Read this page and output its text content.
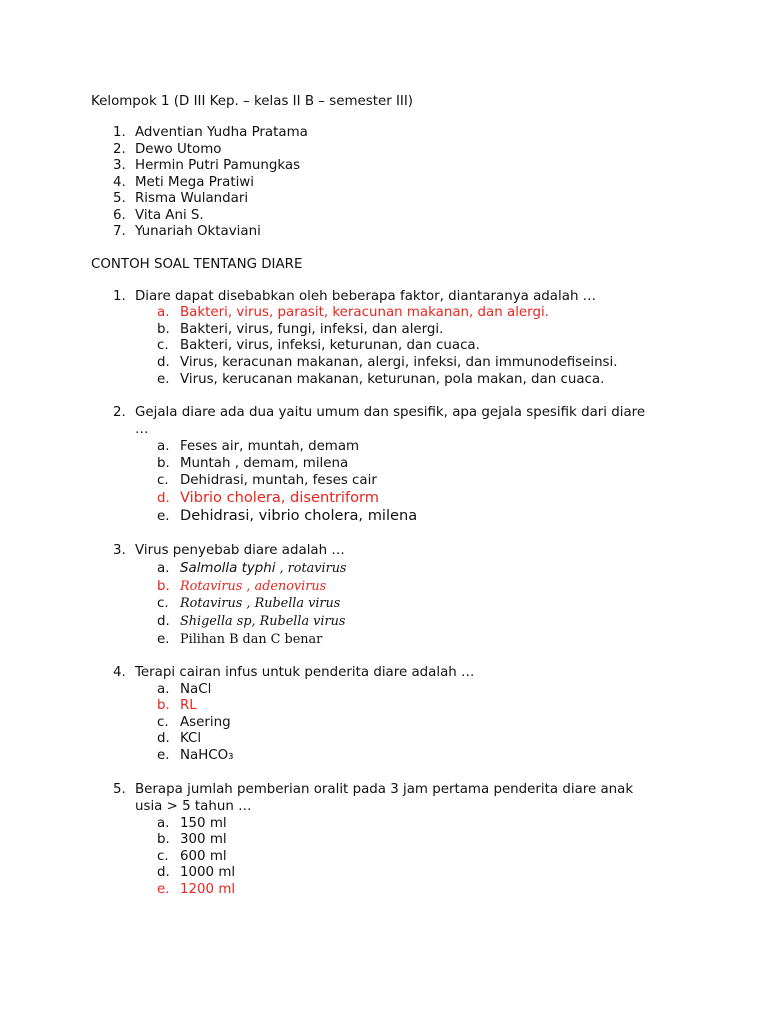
Kelompok 1 (D III Kep. – kelas II B – semester III)
1. Adventian Yudha Pratama
2. Dewo Utomo
3. Hermin Putri Pamungkas
4. Meti Mega Pratiwi
5. Risma Wulandari
6. Vita Ani S.
7. Yunariah Oktaviani
CONTOH SOAL TENTANG DIARE
1. Diare dapat disebabkan oleh beberapa faktor, diantaranya adalah …
a. Bakteri, virus, parasit, keracunan makanan, dan alergi.
b. Bakteri, virus, fungi, infeksi, dan alergi.
c. Bakteri, virus, infeksi, keturunan, dan cuaca.
d. Virus, keracunan makanan, alergi, infeksi, dan immunodefiseinsi.
e. Virus, kerucanan makanan, keturunan, pola makan, dan cuaca.
2. Gejala diare ada dua yaitu umum dan spesifik, apa gejala spesifik dari diare
…
a. Feses air, muntah, demam
b. Muntah , demam, milena
c. Dehidrasi, muntah, feses cair
d. Vibrio cholera, disentriform
e. Dehidrasi, vibrio cholera, milena
3. Virus penyebab diare adalah …
a. Salmolla typhi , rotavirus
b. Rotavirus , adenovirus
c. Rotavirus , Rubella virus
d. Shigella sp, Rubella virus
e. Pilihan B dan C benar
4. Terapi cairan infus untuk penderita diare adalah …
a. NaCl
b. RL
c. Asering
d. KCl
e. NaHCO₃
5. Berapa jumlah pemberian oralit pada 3 jam pertama penderita diare anak
usia > 5 tahun …
a. 150 ml
b. 300 ml
c. 600 ml
d. 1000 ml
e. 1200 ml
